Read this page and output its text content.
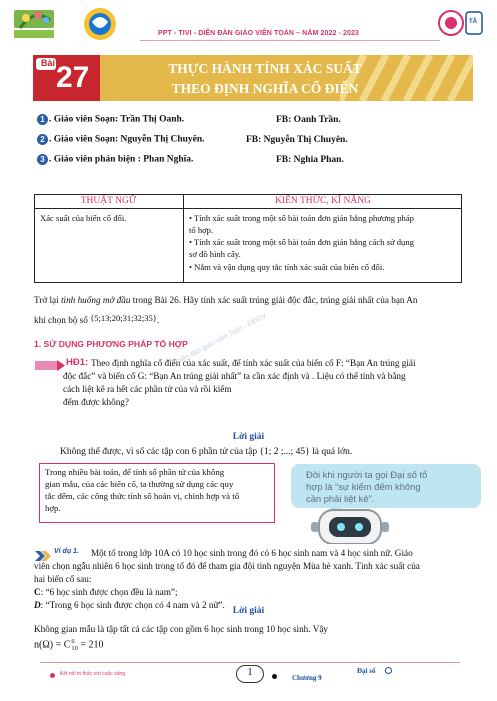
TÂ
PPT - TIVI - DIỄN ĐÀN GIÁO VIÊN TOÁN – NĂM 2022 - 2023
Bài 27	THỰC HÀNH TÍNH XÁC SUẤT
THEO ĐỊNH NGHĨA CỔ ĐIỂN
1 . Giáo viên Soạn: Trần Thị Oanh.	FB: Oanh Trần.
2 . Giáo viên Soạn: Nguyễn Thị Chuyên.	FB: Nguyễn Thị Chuyên.
3 . Giáo viên phản biện : Phan Nghĩa.	FB: Nghia Phan.
THUẬT NGỮ	KIẾN THỨC, KĨ NĂNG
Xác suất của biến cố đối.	• Tính xác suất trong một số bài toán đơn giản bằng phương pháp
tổ hợp.
• Tính xác suất trong một số bài toán đơn giản bằng cách sử dụng
sơ đồ hình cây.
• Nắm và vận dụng quy tắc tính xác suất của biến cố đối.
Trở lại tình huống mở đầu trong Bài 26. Hãy tính xác suất trúng giải độc đắc, trúng giải nhất của bạn An
khi chọn bộ số {5;13;20;31;32;35}.
1. SỬ DỤNG PHƯƠNG PHÁP TỔ HỢP
HĐ1: Theo định nghĩa cổ điển của xác suất, để tính xác suất của biến cố F: “Bạn An trúng giải
độc đắc” và biến cố G: “Bạn An trúng giải nhất” ta cần xác định và . Liệu có thể tính và bằng
cách liệt kê ra hết các phần tử của và rồi kiểm
đếm được không?
Diễn đàn giáo viên Toán - DĐGV
Lời giải
Không thể được, vì số các tập con 6 phần tử của tập {1; 2 ;...; 45} là quá lớn.
Trong nhiều bài toán, để tính số phần tử của không
gian mẫu, của các biến cố, ta thường sử dụng các quy
tắc đếm, các công thức tính số hoán vị, chỉnh hợp và tổ
hợp.
Đôi khi người ta gọi Đại số tổ
hợp là “sự kiểm đếm không
cần phải liệt kê”.
Ví dụ 1. Một tổ trong lớp 10A có 10 học sinh trong đó có 6 học sinh nam và 4 học sinh nữ. Giáo
viên chọn ngẫu nhiên 6 học sinh trong tổ đó để tham gia đội tình nguyện Mùa hè xanh. Tính xác suất của
hai biến cố sau:
C: “6 học sinh được chọn đều là nam”;
D: “Trong 6 học sinh được chọn có 4 nam và 2 nữ”.
Lời giải
Không gian mẫu là tập tất cả các tập con gồm 6 học sinh trong 10 học sinh. Vậy
n(Ω) = C 6
10 = 210
Kết nối tri thức với cuộc sống	1	Chương 9
Đại số
